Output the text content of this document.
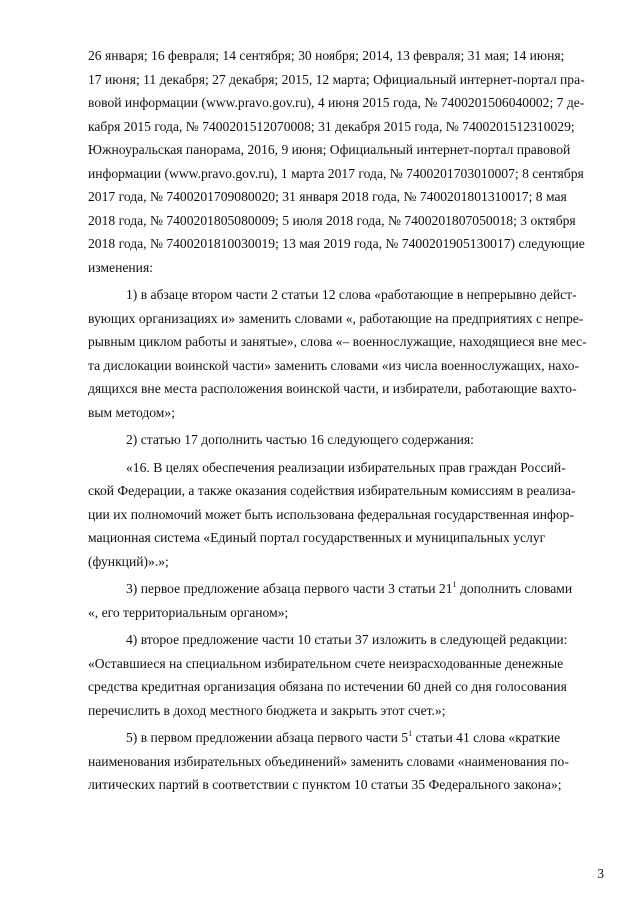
26 января; 16 февраля; 14 сентября; 30 ноября; 2014, 13 февраля; 31 мая; 14 июня;
17 июня; 11 декабря; 27 декабря; 2015, 12 марта; Официальный интернет-портал пра-
вовой информации (www.pravo.gov.ru), 4 июня 2015 года, № 7400201506040002; 7 де-
кабря 2015 года, № 7400201512070008; 31 декабря 2015 года, № 7400201512310029;
Южноуральская панорама, 2016, 9 июня; Официальный интернет-портал правовой
информации (www.pravo.gov.ru), 1 марта 2017 года, № 7400201703010007; 8 сентября
2017 года, № 7400201709080020; 31 января 2018 года, № 7400201801310017; 8 мая
2018 года, № 7400201805080009; 5 июля 2018 года, № 7400201807050018; 3 октября
2018 года, № 7400201810030019; 13 мая 2019 года, № 7400201905130017) следующие
изменения:

1) в абзаце втором части 2 статьи 12 слова «работающие в непрерывно дейст-
вующих организациях и» заменить словами «, работающие на предприятиях с непре-
рывным циклом работы и занятые», слова «– военнослужащие, находящиеся вне мес-
та дислокации воинской части» заменить словами «из числа военнослужащих, нахо-
дящихся вне места расположения воинской части, и избиратели, работающие вахто-
вым методом»;

2) статью 17 дополнить частью 16 следующего содержания:

«16. В целях обеспечения реализации избирательных прав граждан Россий-
ской Федерации, а также оказания содействия избирательным комиссиям в реализа-
ции их полномочий может быть использована федеральная государственная инфор-
мационная система «Единый портал государственных и муниципальных услуг
(функций)».»;

3) первое предложение абзаца первого части 3 статьи $21^1$ дополнить словами
«, его территориальным органом»;

4) второе предложение части 10 статьи 37 изложить в следующей редакции:
«Оставшиеся на специальном избирательном счете неизрасходованные денежные
средства кредитная организация обязана по истечении 60 дней со дня голосования
перечислить в доход местного бюджета и закрыть этот счет.»;

5) в первом предложении абзаца первого части $5^1$ статьи 41 слова «краткие
наименования избирательных объединений» заменить словами «наименования по-
литических партий в соответствии с пунктом 10 статьи 35 Федерального закона»;

3
